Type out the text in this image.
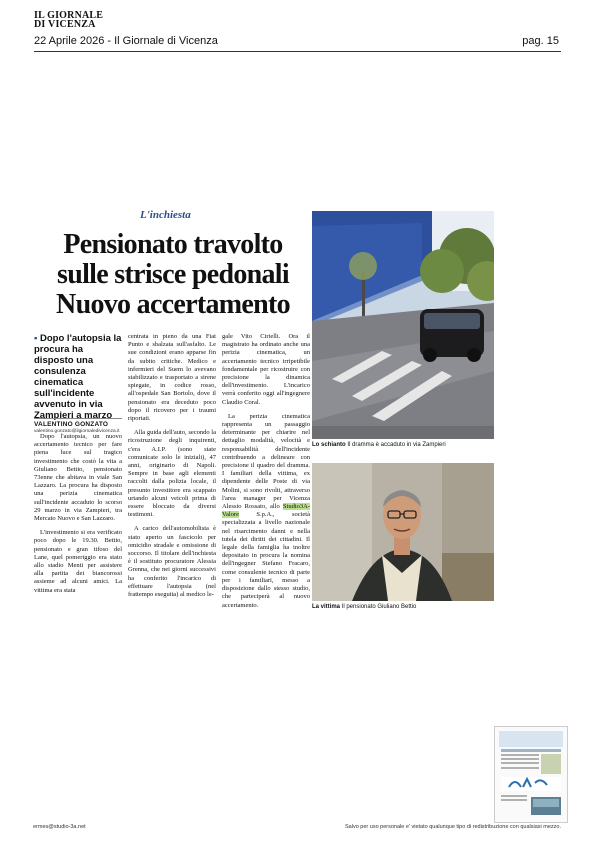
IL GIORNALE
DI VICENZA
22 Aprile 2026 - Il Giornale di Vicenza	pag. 15
L'inchiesta
Pensionato travolto
sulle strisce pedonali
Nuovo accertamento
▪ Dopo l'autopsia la procura ha disposto una consulenza cinematica sull'incidente avvenuto in via Zampieri a marzo
VALENTINO GONZATO
valentino.gonzato@ilgiornaledivicenza.it

Dopo l'autopsia, un nuovo accertamento tecnico per fare piena luce sul tragico investimento che costò la vita a Giuliano Bettio, pensionato 73enne che abitava in viale San Lazzaro. La procura ha disposto una perizia cinematica sull'incidente accaduto lo scorso 29 marzo in via Zampieri, tra Mercato Nuovo e San Lazzaro.

L'investimento si era verificato poco dopo le 19.30. Bettio, pensionato e gran tifoso del Lane, quel pomeriggio era stato allo stadio Menti per assistere alla partita dei biancorossi assieme ad alcuni amici. La vittima era stata

centrata in pieno da una Fiat Punto e sbalzata sull'asfalto. Le sue condizioni erano apparse fin da subito critiche. Medico e infermieri del Suem lo avevano stabilizzato e trasportato a sirene spiegate, in codice rosso, all'ospedale San Bortolo, dove il pensionato era deceduto poco dopo il ricovero per i traumi riportati.

Alla guida dell'auto, secondo la ricostruzione degli inquirenti, c'era A.I.P. (sono state comunicate solo le iniziali), 47 anni, originario di Napoli. Sempre in base agli elementi raccolti dalla polizia locale, il presunto investitore era scappato urtando alcuni veicoli prima di essere bloccato da diversi testimoni.

A carico dell'automobilista è stato aperto un fascicolo per omicidio stradale e omissione di soccorso. Il titolare dell'inchiesta è il sostituto procuratore Alessia Grenna, che nei giorni successivi ha conferito l'incarico di effettuare l'autopsia (nel frattempo eseguita) al medico le-

gale Vito Cirielli. Ora il magistrato ha ordinato anche una perizia cinematica, un accertamento tecnico irripetibile fondamentale per ricostruire con precisione la dinamica dell'investimento. L'incarico verrà conferito oggi all'ingegnere Claudio Coral.

La perizia cinematica rappresenta un passaggio determinante per chiarire nel dettaglio modalità, velocità e responsabilità dell'incidente contribuendo a delineare con precisione il quadro del dramma. I familiari della vittima, ex dipendente delle Poste di via Molini, si sono rivolti, attraverso l'area manager per Vicenza Alessio Rossato, allo Studio3A-Valore S.p.A., società specializzata a livello nazionale nel risarcimento danni e nella tutela dei diritti dei cittadini. Il legale della famiglia ha inoltre depositato in procura la nomina dell'ingegner Stefano Fracaro, come consulente tecnico di parte per i familiari, messo a disposizione dallo stesso studio, che parteciperà al nuovo accertamento.

Lo schianto Il dramma è accaduto in via Zampieri
La vittima Il pensionato Giuliano Bettio
ermes@studio-3a.net	Salvo per uso personale e' vietato qualunque tipo di redistribuzione con qualsiasi mezzo.
